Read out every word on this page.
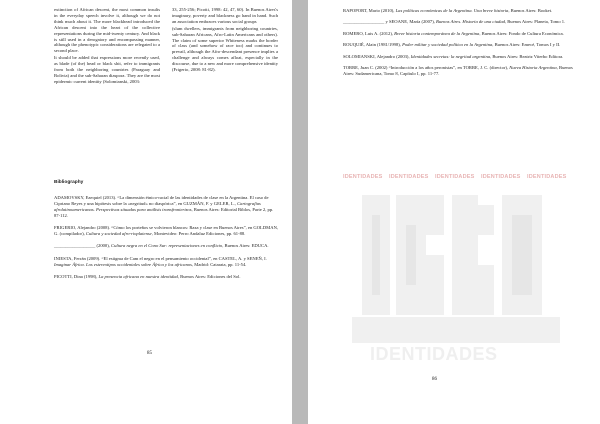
extinction of African descent, the most common insults in the everyday speech involve it, although we do not think much about it. The more blackhead introduced the African descent into the heart of the collective representations during the mid-twenty century. And black is still used in a derogatory and encompassing manner, although the phenotypic considerations are relegated to a second place.

It should be added that expressions more recently used, as blade (of the) head or black shit, refer to immigrants from both the neighboring countries (Paraguay and Bolivia) and the sub-Saharan diaspora. They are the most epidermic current identity (Solomianski, 2003:

33, 255-256; Picotti, 1998: 42, 47, 60). In Buenos Aires's imaginary, poverty and blackness go hand in hand. Such an association embraces various social groups

(slum dwellers, immigrants from neighboring countries, sub-Saharan Africans, Afro-Latin Americans and others). The claim of some superior Whiteness marks the border of class (and somehow of race too) and continues to prevail, although the Afro-descendant presence implies a challenge and always comes afloat, especially in the discourse, due to a new and more comprehensive identity (Frigerio, 2008: 81-82).

Bibliography
ADAMOVSKY, Ezequiel (2013). “La dimensión étnico-racial de las identidades de clase en la Argentina. El caso de Cipriano Reyes y una hipótesis sobre la «negritud» no diaspórica”, en GUZMÁN, F. y GELER, L., Cartografías afrolatinoamericanas. Perspectivas situadas para análisis transfronterizos, Buenos Aires: Editorial Biblos, Parte 2, pp. 87-112.
FRIGERIO, Alejandro (2008). “Cómo los porteños se volvieron blancos: Raza y clase en Buenos Aires”, en GOLDMAN, G. (compilador), Cultura y sociedad afro-rioplatense, Montevideo: Perro Andaluz Ediciones, pp. 61-88.
__________________ (2000), Cultura negra en el Cono Sur: representaciones en conflicto, Buenos Aires: EDUCA.
INIESTA, Ferrán (2009). “El estigma de Cam el negro en el pensamiento occidental”, en CASTEL, A. y SENEÑ, I. Imaginar África. Los estereotipos occidentales sobre África y los africanos, Madrid: Catarata, pp. 11-54.
PICOTTI, Dina (1998), La presencia africana en nuestra identidad, Buenos Aires: Ediciones del Sol.
85
RAPOPORT, Mario (2010), Las políticas económicas de la Argentina. Una breve historia, Buenos Aires: Booket.
__________________ y SEOANE, María (2007), Buenos Aires. Historia de una ciudad, Buenos Aires: Planeta, Tomo 1.
ROMERO, Luis A. (2012), Breve historia contemporánea de la Argentina, Buenos Aires: Fondo de Cultura Económica.
ROUQUIÉ, Alain (1981/1998), Poder militar y sociedad política en la Argentina, Buenos Aires: Emecé, Tomos I y II.
SOLOMIANSKI, Alejandro (2003), Identidades secretas: la negritud argentina, Buenos Aires: Beatriz Viterbo Editora.
TORRE, Juan C. (2002) “Introducción a los años peronistas”, en TORRE, J. C. (director), Nueva Historia Argentina, Buenos Aires: Sudamericana, Tomo 8, Capítulo I, pp. 11-77.
IDENTIDADES	IDENTIDADES	IDENTIDADES	IDENTIDADES	IDENTIDADES
IDENTIDADES
86
